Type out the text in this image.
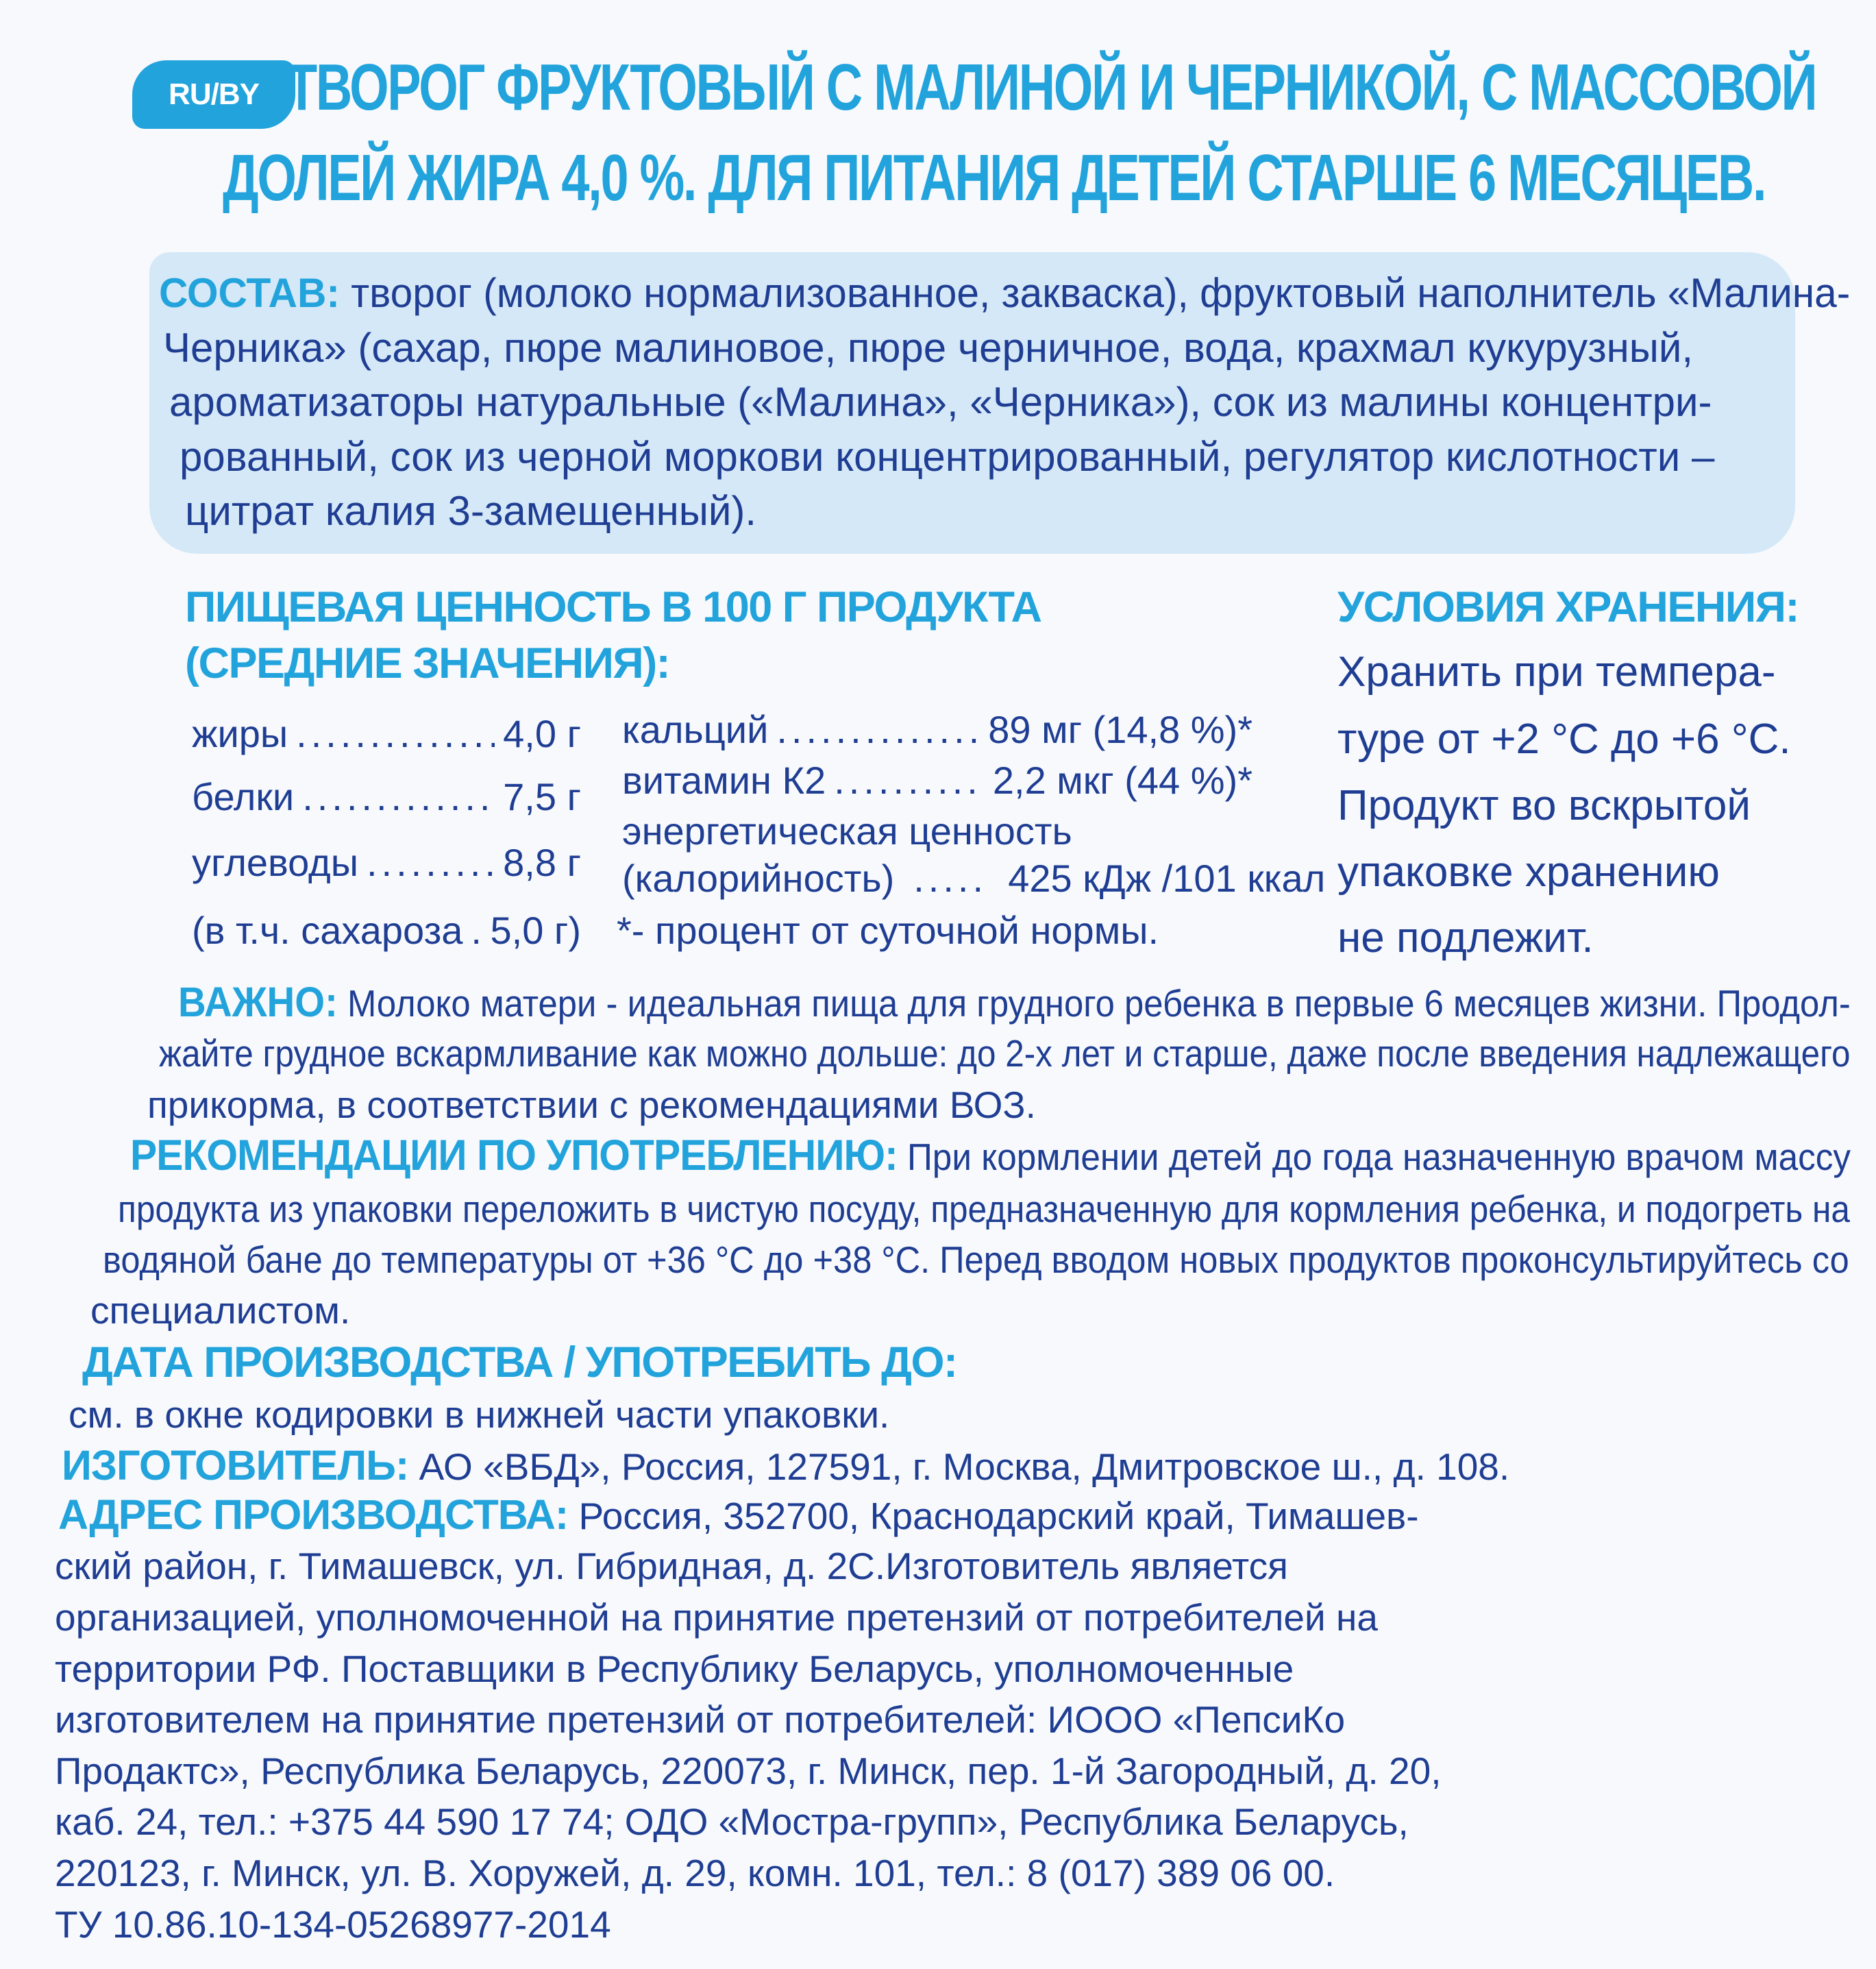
RU/BY ТВОРОГ ФРУКТОВЫЙ С МАЛИНОЙ И ЧЕРНИКОЙ, С МАССОВОЙ
ДОЛЕЙ ЖИРА 4,0 %. ДЛЯ ПИТАНИЯ ДЕТЕЙ СТАРШЕ 6 МЕСЯЦЕВ.
СОСТАВ: творог (молоко нормализованное, закваска), фруктовый наполнитель «Малина-
Черника» (сахар, пюре малиновое, пюре черничное, вода, крахмал кукурузный,
ароматизаторы натуральные («Малина», «Черника»), сок из малины концентри-
рованный, сок из черной моркови концентрированный, регулятор кислотности –
цитрат калия 3-замещенный).
ПИЩЕВАЯ ЦЕННОСТЬ В 100 Г ПРОДУКТА
(СРЕДНИЕ ЗНАЧЕНИЯ):
жиры .....	4,0 г
белки .....	7,5 г
углеводы .....	8,8 г
(в т.ч. сахароза ..... 5,0 г)
кальций .....	89 мг (14,8 %)*
витамин К2 .....	2,2 мкг (44 %)*
энергетическая ценность
(калорийность) .....	425 кДж /101 ккал
*- процент от суточной нормы.
УСЛОВИЯ ХРАНЕНИЯ:
Хранить при темпера-
туре от +2 °С до +6 °С.
Продукт во вскрытой
упаковке хранению
не подлежит.
ВАЖНО: Молоко матери - идеальная пища для грудного ребенка в первые 6 месяцев жизни. Продол-
жайте грудное вскармливание как можно дольше: до 2-х лет и старше, даже после введения надлежащего
прикорма, в соответствии с рекомендациями ВОЗ.
РЕКОМЕНДАЦИИ ПО УПОТРЕБЛЕНИЮ: При кормлении детей до года назначенную врачом массу
продукта из упаковки переложить в чистую посуду, предназначенную для кормления ребенка, и подогреть на
водяной бане до температуры от +36 °С до +38 °С. Перед вводом новых продуктов проконсультируйтесь со
специалистом.
ДАТА ПРОИЗВОДСТВА / УПОТРЕБИТЬ ДО:
см. в окне кодировки в нижней части упаковки.
ИЗГОТОВИТЕЛЬ: АО «ВБД», Россия, 127591, г. Москва, Дмитровское ш., д. 108.
АДРЕС ПРОИЗВОДСТВА: Россия, 352700, Краснодарский край, Тимашев-
ский район, г. Тимашевск, ул. Гибридная, д. 2С.Изготовитель является
организацией, уполномоченной на принятие претензий от потребителей на
территории РФ. Поставщики в Республику Беларусь, уполномоченные
изготовителем на принятие претензий от потребителей: ИООО «ПепсиКо
Продактс», Республика Беларусь, 220073, г. Минск, пер. 1-й Загородный, д. 20,
каб. 24, тел.: +375 44 590 17 74; ОДО «Мостра-групп», Республика Беларусь,
220123, г. Минск, ул. В. Хоружей, д. 29, комн. 101, тел.: 8 (017) 389 06 00.
ТУ 10.86.10-134-05268977-2014
